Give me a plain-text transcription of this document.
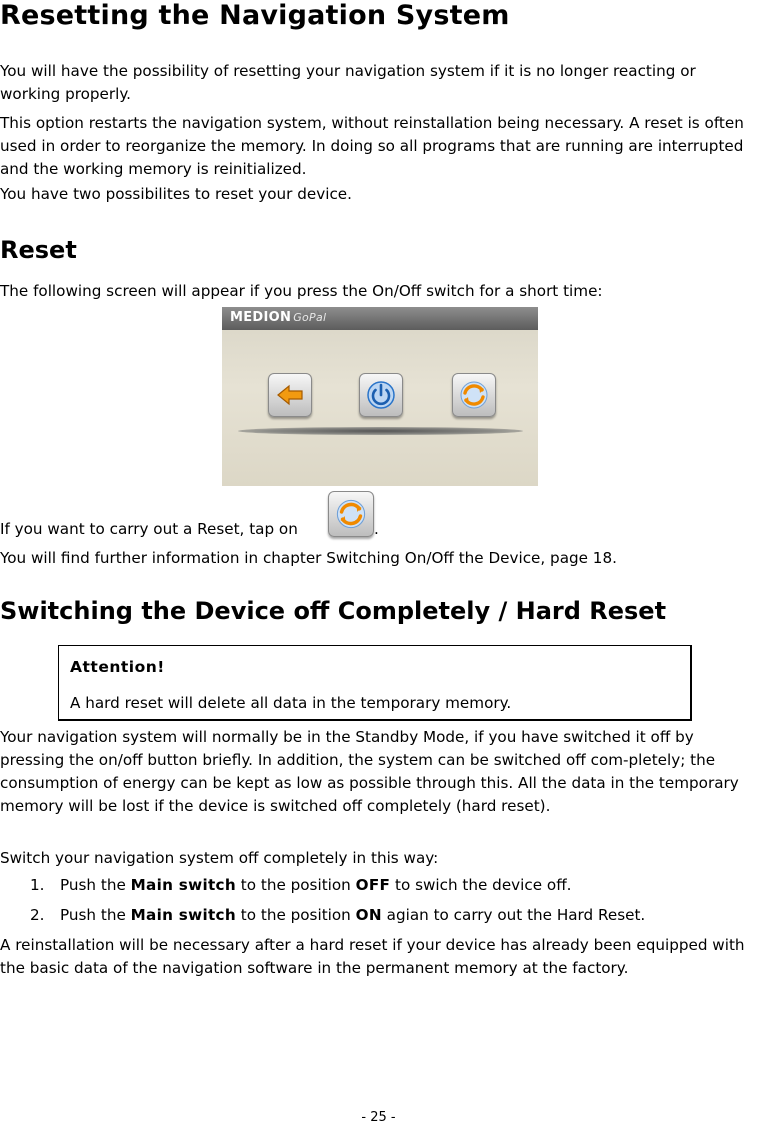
Resetting the Navigation System

You will have the possibility of resetting your navigation system if it is no longer reacting or working properly.

This option restarts the navigation system, without reinstallation being necessary. A reset is often used in order to reorganize the memory. In doing so all programs that are running are interrupted and the working memory is reinitialized.

You have two possibilites to reset your device.

Reset

The following screen will appear if you press the On/Off switch for a short time:

MEDION GoPal

If you want to carry out a Reset, tap on	.

You will find further information in chapter Switching On/Off the Device, page 18.

Switching the Device off Completely / Hard Reset
Attention!
A hard reset will delete all data in the temporary memory.

Your navigation system will normally be in the Standby Mode, if you have switched it off by pressing the on/off button briefly. In addition, the system can be switched off com-pletely; the consumption of energy can be kept as low as possible through this. All the data in the temporary memory will be lost if the device is switched off completely (hard reset).

Switch your navigation system off completely in this way:

1. Push the Main switch to the position OFF to swich the device off.
2. Push the Main switch to the position ON agian to carry out the Hard Reset.

A reinstallation will be necessary after a hard reset if your device has already been equipped with the basic data of the navigation software in the permanent memory at the factory.

- 25 -
